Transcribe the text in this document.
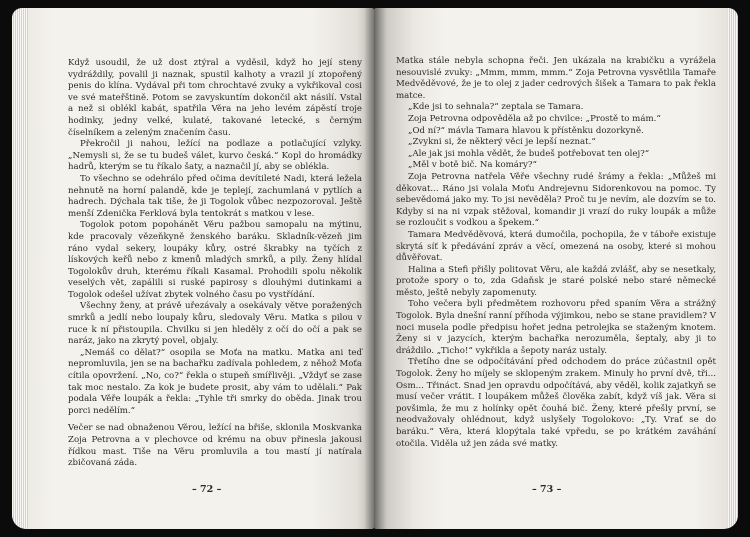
Když usoudil, že už dost ztýral a vyděsil, když ho její steny vydráždily, povalil ji naznak, spustil kalhoty a vrazil jí ztopořený penis do klína. Vydával při tom chrochtavé zvuky a vykřikoval cosi ve své mateřštině. Potom se zavyskuntím dokončil akt násilí. Vstal a než si oblékl kabát, spatřila Věra na jeho levém zápěstí troje hodinky, jedny velké, kulaté, takované letecké, s černým číselníkem a zeleným značením času.

Překročil ji nahou, ležící na podlaze a potlačující vzlyky. „Nemysli si, že se tu budeš válet, kurvo česká.“ Kopl do hromádky hadrů, kterým se tu říkalo šaty, a naznačil jí, aby se oblékla.

To všechno se odehrálo před očima devítileté Nadi, která ležela nehnutě na horní palandě, kde je teplejí, zachumlaná v pytlích a hadrech. Dýchala tak tiše, že ji Togolok vůbec nezpozoroval. Ještě menší Zdenička Ferklová byla tentokrát s matkou v lese.

Togolok potom popohánět Věru pažbou samopalu na mýtinu, kde pracovaly vězeňkyně ženského baráku. Skladník-vězeň jim ráno vydal sekery, loupáky kůry, ostré škrabky na tyčích z lískových keřů nebo z kmenů mladých smrků, a pily. Ženy hlídal Togolokův druh, kterému říkali Kasamal. Prohodili spolu několik veselých vět, zapálili si ruské papirosy s dlouhými dutinkami a Togolok odešel užívat zbytek volného času po vystřídání.

Všechny ženy, at právě uřezávaly a osekávaly větve poražených smrků a jedlí nebo loupaly kůru, sledovaly Věru. Matka s pilou v ruce k ní přistoupila. Chvilku si jen hleděly z očí do očí a pak se naráz, jako na zkrytý povel, objaly.

„Nemáš co dělat?“ osopila se Moťa na matku. Matka ani teď nepromluvila, jen se na bachařku zadívala pohledem, z něhož Moťa cítila opovržení. „No, co?“ řekla o stupeň smířlivěji. „Vždyť se zase tak moc nestalo. Za kok je budete prosit, aby vám to udělali.“ Pak podala Věře loupák a řekla: „Tyhle tři smrky do oběda. Jinak trou porci nedělím.“

Večer se nad obnaženou Věrou, ležící na břiše, sklonila Moskvanka Zoja Petrovna a v plechovce od krému na obuv přinesla jakousi řídkou mast. Tiše na Věru promluvila a tou mastí jí natírala zbičovaná záda.

– 72 –

Matka stále nebyla schopna řeči. Jen ukázala na krabičku a vyrážela nesouvislé zvuky: „Mmm, mmm, mmm.“ Zoja Petrovna vysvětlila Tamaře Medvěděvové, že je to olej z jader cedrových šišek a Tamara to pak řekla matce.

„Kde jsi to sehnala?“ zeptala se Tamara.

Zoja Petrovna odpověděla až po chvilce: „Prostě to mám.“

„Od ní?“ mávla Tamara hlavou k přístěnku dozorkyně.

„Zvykni si, že některý věci je lepší neznat.“

„Ale jak jsi mohla vědět, že budeš potřebovat ten olej?“

„Měl v botě bič. Na komáry?“

Zoja Petrovna natřela Věře všechny rudé šrámy a řekla: „Můžeš mi děkovat... Ráno jsi volala Moťu Andrejevnu Sidorenkovou na pomoc. Ty sebevědomá jako my. To jsi nevěděla? Proč tu je nevím, ale dozvím se to. Kdyby si na ni vzpak stěžoval, komandir ji vrazí do ruky loupák a může se rozloučit s vodkou a špekem.“

Tamara Medvěděvová, která dumočila, pochopila, že v táboře existuje skrytá síť k předávání zpráv a věcí, omezená na osoby, které si mohou důvěřovat.

Halina a Stefi přišly politovat Věru, ale každá zvlášť, aby se nesetkaly, protože spory o to, zda Gdaňsk je staré polské nebo staré německé město, ještě nebyly zapomenuty.

Toho večera byli předmětem rozhovoru před spaním Věra a strážný Togolok. Byla dnešní ranní příhoda výjimkou, nebo se stane pravidlem? V noci musela podle předpisu hořet jedna petrolejka se staženým knotem. Ženy si v jazycích, kterým bachařka nerozuměla, šeptaly, aby ji to dráždilo. „Ticho!“ vykřikla a šepoty naráz ustaly.

Třetího dne se odpočítávání před odchodem do práce zúčastnil opět Togolok. Ženy ho míjely se sklopeným zrakem. Minuly ho první dvě, tři... Osm... Třináct. Snad jen opravdu odpočítává, aby věděl, kolik zajatkyň se musí večer vrátit. I loupákem můžeš člověka zabít, když víš jak. Věra si povšimla, že mu z holínky opět čouhá bič. Ženy, které přešly první, se neodvažovaly ohlédnout, když uslyšely Togolokovo: „Ty. Vrať se do baráku.“ Věra, která klopýtala také vpředu, se po krátkém zaváhání otočila. Viděla už jen záda své matky.

– 73 –
